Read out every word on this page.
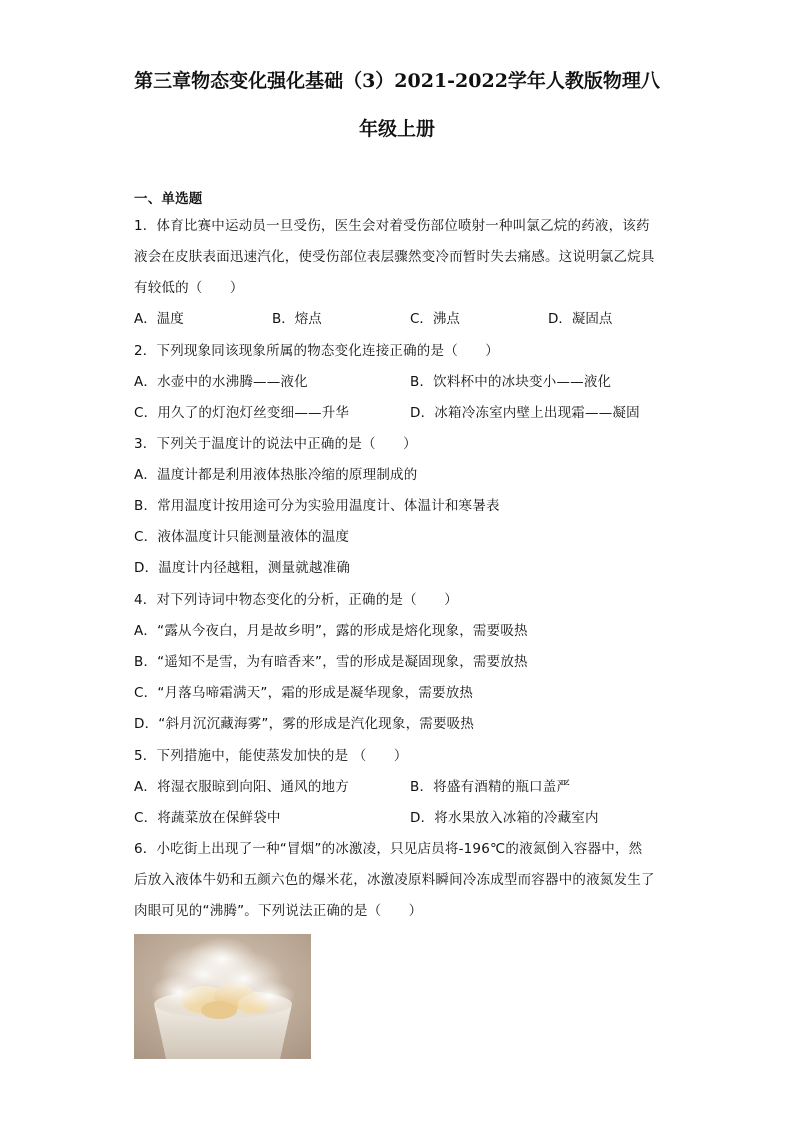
第三章物态变化强化基础（3）2021-2022学年人教版物理八
年级上册
一、单选题
1．体育比赛中运动员一旦受伤，医生会对着受伤部位喷射一种叫氯乙烷的药液，该药
液会在皮肤表面迅速汽化，使受伤部位表层骤然变冷而暂时失去痛感。这说明氯乙烷具
有较低的（　　）
A．温度	B．熔点	C．沸点	D．凝固点
2．下列现象同该现象所属的物态变化连接正确的是（　　）
A．水壶中的水沸腾——液化	B．饮料杯中的冰块变小——液化
C．用久了的灯泡灯丝变细——升华	D．冰箱冷冻室内壁上出现霜——凝固
3．下列关于温度计的说法中正确的是（　　）
A．温度计都是利用液体热胀冷缩的原理制成的
B．常用温度计按用途可分为实验用温度计、体温计和寒暑表
C．液体温度计只能测量液体的温度
D．温度计内径越粗，测量就越准确
4．对下列诗词中物态变化的分析，正确的是（　　）
A．“露从今夜白，月是故乡明”，露的形成是熔化现象，需要吸热
B．“遥知不是雪，为有暗香来”，雪的形成是凝固现象，需要放热
C．“月落乌啼霜满天”，霜的形成是凝华现象，需要放热
D．“斜月沉沉藏海雾”，雾的形成是汽化现象，需要吸热
5．下列措施中，能使蒸发加快的是 （　　）
A．将湿衣服晾到向阳、通风的地方	B．将盛有酒精的瓶口盖严
C．将蔬菜放在保鲜袋中	D．将水果放入冰箱的冷藏室内
6．小吃街上出现了一种“冒烟”的冰激凌，只见店员将-196℃的液氮倒入容器中，然
后放入液体牛奶和五颜六色的爆米花，冰激凌原料瞬间冷冻成型而容器中的液氮发生了
肉眼可见的“沸腾”。下列说法正确的是（　　）
